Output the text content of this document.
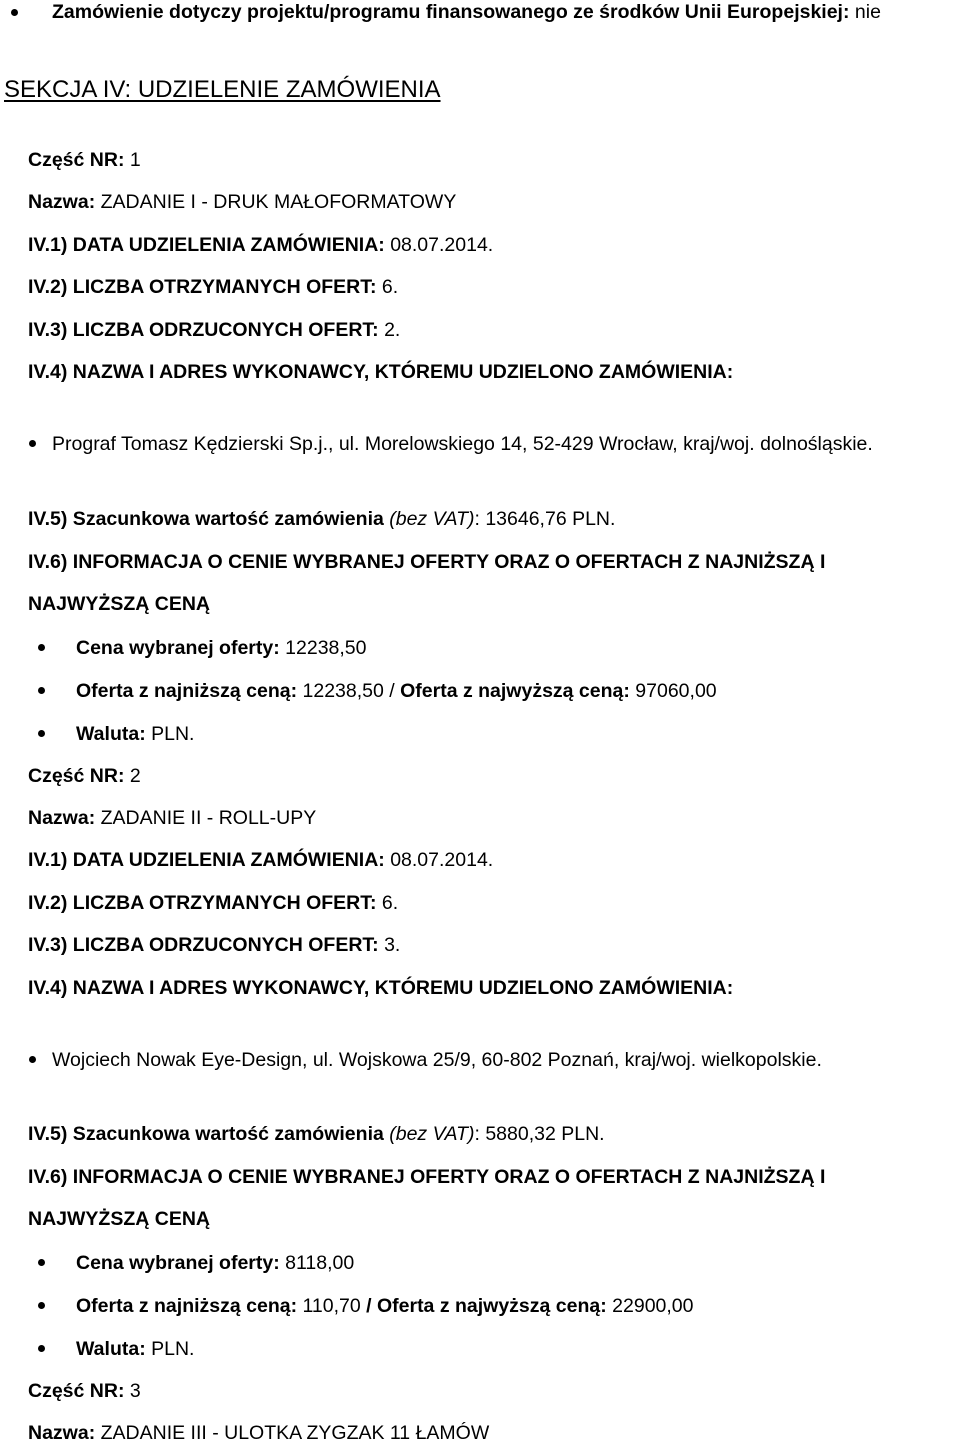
Zamówienie dotyczy projektu/programu finansowanego ze środków Unii Europejskiej: nie
SEKCJA IV: UDZIELENIE ZAMÓWIENIA
Część NR: 1
Nazwa: ZADANIE I - DRUK MAŁOFORMATOWY
IV.1) DATA UDZIELENIA ZAMÓWIENIA: 08.07.2014.
IV.2) LICZBA OTRZYMANYCH OFERT: 6.
IV.3) LICZBA ODRZUCONYCH OFERT: 2.
IV.4) NAZWA I ADRES WYKONAWCY, KTÓREMU UDZIELONO ZAMÓWIENIA:
Prograf Tomasz Kędzierski Sp.j., ul. Morelowskiego 14, 52-429 Wrocław, kraj/woj. dolnośląskie.
IV.5) Szacunkowa wartość zamówienia (bez VAT): 13646,76 PLN.
IV.6) INFORMACJA O CENIE WYBRANEJ OFERTY ORAZ O OFERTACH Z NAJNIŻSZĄ I
NAJWYŻSZĄ CENĄ
Cena wybranej oferty: 12238,50
Oferta z najniższą ceną: 12238,50 / Oferta z najwyższą ceną: 97060,00
Waluta: PLN.
Część NR: 2
Nazwa: ZADANIE II - ROLL-UPY
IV.1) DATA UDZIELENIA ZAMÓWIENIA: 08.07.2014.
IV.2) LICZBA OTRZYMANYCH OFERT: 6.
IV.3) LICZBA ODRZUCONYCH OFERT: 3.
IV.4) NAZWA I ADRES WYKONAWCY, KTÓREMU UDZIELONO ZAMÓWIENIA:
Wojciech Nowak Eye-Design, ul. Wojskowa 25/9, 60-802 Poznań, kraj/woj. wielkopolskie.
IV.5) Szacunkowa wartość zamówienia (bez VAT): 5880,32 PLN.
IV.6) INFORMACJA O CENIE WYBRANEJ OFERTY ORAZ O OFERTACH Z NAJNIŻSZĄ I
NAJWYŻSZĄ CENĄ
Cena wybranej oferty: 8118,00
Oferta z najniższą ceną: 110,70 / Oferta z najwyższą ceną: 22900,00
Waluta: PLN.
Część NR: 3
Nazwa: ZADANIE III - ULOTKA ZYGZAK 11 ŁAMÓW
